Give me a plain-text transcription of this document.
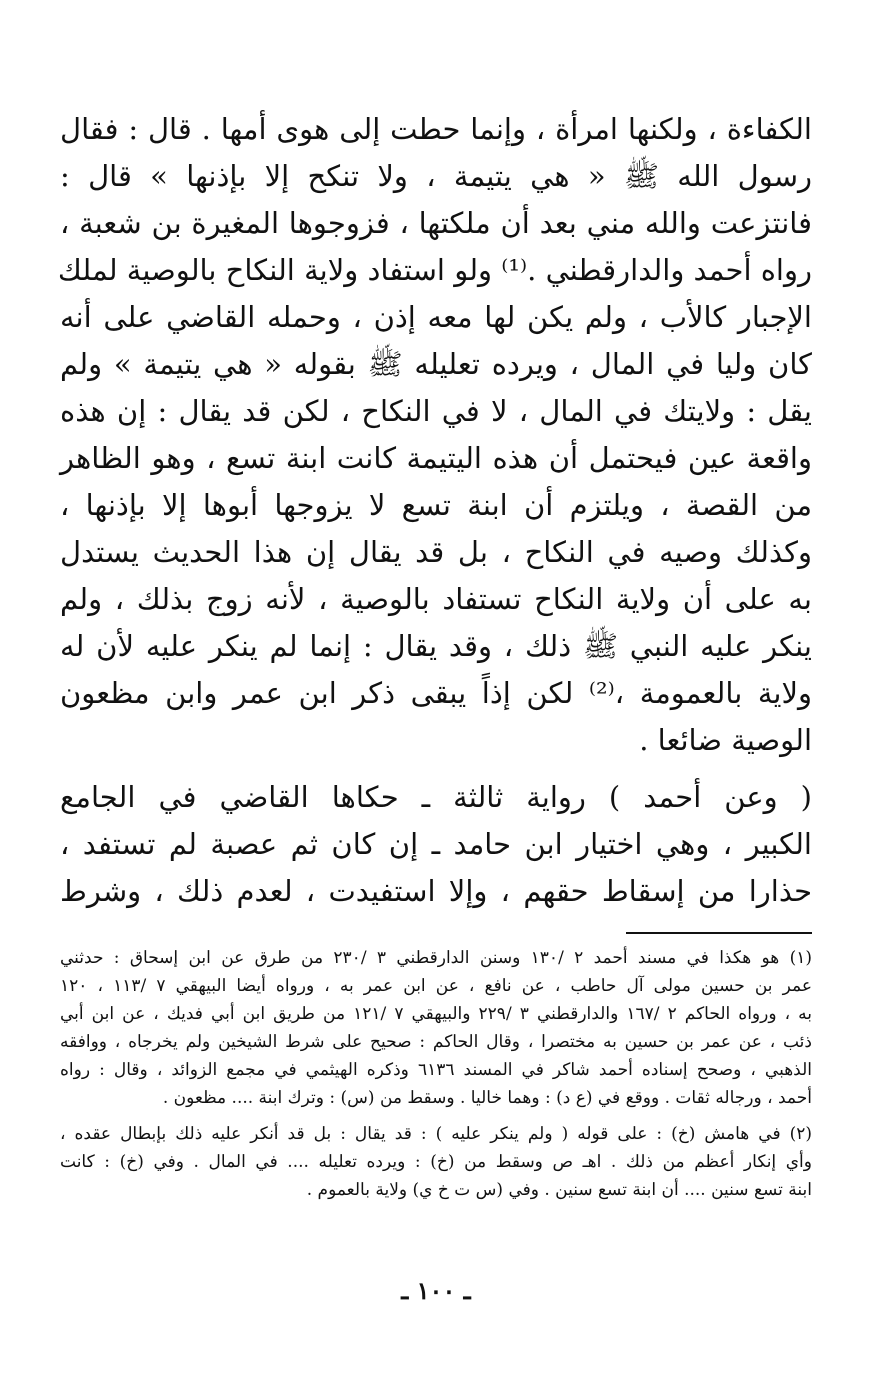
الكفاءة ، ولكنها امرأة ، وإنما حطت إلى هوى أمها . قال : فقال
رسول الله ﷺ « هي يتيمة ، ولا تنكح إلا بإذنها » قال :
فانتزعت والله مني بعد أن ملكتها ، فزوجوها المغيرة بن شعبة ،
رواه أحمد والدارقطني .⁽¹⁾ ولو استفاد ولاية النكاح بالوصية لملك
الإجبار كالأب ، ولم يكن لها معه إذن ، وحمله القاضي على أنه
كان وليا في المال ، ويرده تعليله ﷺ بقوله « هي يتيمة » ولم
يقل : ولايتك في المال ، لا في النكاح ، لكن قد يقال : إن هذه
واقعة عين فيحتمل أن هذه اليتيمة كانت ابنة تسع ، وهو الظاهر
من القصة ، ويلتزم أن ابنة تسع لا يزوجها أبوها إلا بإذنها ،
وكذلك وصيه في النكاح ، بل قد يقال إن هذا الحديث يستدل
به على أن ولاية النكاح تستفاد بالوصية ، لأنه زوج بذلك ، ولم
ينكر عليه النبي ﷺ ذلك ، وقد يقال : إنما لم ينكر عليه لأن له
ولاية بالعمومة ،⁽²⁾ لكن إذاً يبقى ذكر ابن عمر وابن مظعون
الوصية ضائعا .
( وعن أحمد ) رواية ثالثة ـ حكاها القاضي في الجامع
الكبير ، وهي اختيار ابن حامد ـ إن كان ثم عصبة لم تستفد ،
حذارا من إسقاط حقهم ، وإلا استفيدت ، لعدم ذلك ، وشرط
(١) هو هكذا في مسند أحمد ٢ /١٣٠ وسنن الدارقطني ٣ /٢٣٠ من طرق عن ابن إسحاق : حدثني
عمر بن حسين مولى آل حاطب ، عن نافع ، عن ابن عمر به ، ورواه أيضا البيهقي ٧ /١١٣ ، ١٢٠
به ، ورواه الحاكم ٢ /١٦٧ والدارقطني ٣ /٢٢٩ والبيهقي ٧ /١٢١ من طريق ابن أبي فديك ، عن ابن أبي
ذئب ، عن عمر بن حسين به مختصرا ، وقال الحاكم : صحيح على شرط الشيخين ولم يخرجاه ، ووافقه
الذهبي ، وصحح إسناده أحمد شاكر في المسند ٦١٣٦ وذكره الهيثمي في مجمع الزوائد ، وقال : رواه
أحمد ، ورجاله ثقات . ووقع في (ع د) : وهما خاليا . وسقط من (س) : وترك ابنة .... مظعون .
(٢) في هامش (خ) : على قوله ( ولم ينكر عليه ) : قد يقال : بل قد أنكر عليه ذلك بإبطال عقده ،
وأي إنكار أعظم من ذلك . اهـ ص وسقط من (خ) : ويرده تعليله .... في المال . وفي (خ) : كانت
ابنة تسع سنين .... أن ابنة تسع سنين . وفي (س ت خ ي) ولاية بالعموم .
ـ ١٠٠ ـ
